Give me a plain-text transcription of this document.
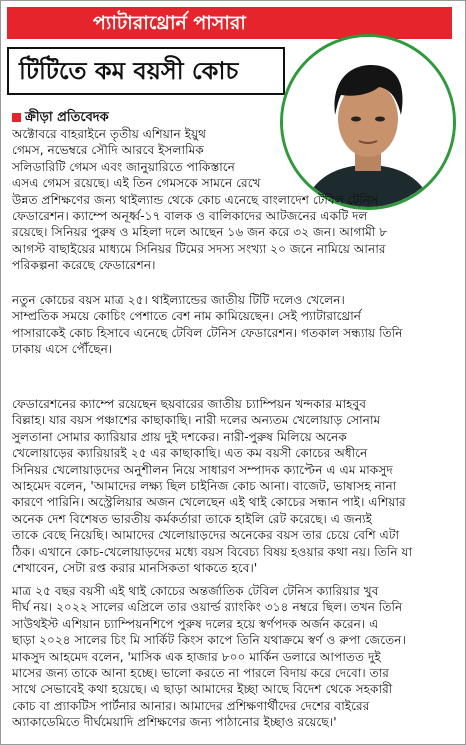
প্যাটারাথ্রোর্ন পাসারা
টিটিতে কম বয়সী কোচ
ক্রীড়া প্রতিবেদক
অক্টোবরে বাহরাইনে তৃতীয় এশিয়ান ইয়ুথ
গেমস, নভেম্বরে সৌদি আরবে ইসলামিক
সলিডারিটি গেমস এবং জানুয়ারিতে পাকিস্তানে
এসএ গেমস রয়েছে। এই তিন গেমসকে সামনে রেখে
উন্নত প্রশিক্ষণের জন্য থাইল্যান্ড থেকে কোচ এনেছে বাংলাদেশ টেবিল টেনিস
ফেডারেশন। ক্যাম্পে অনূর্ধ্ব-১৭ বালক ও বালিকাদের আটজনের একটি দল
রয়েছে। সিনিয়র পুরুষ ও মহিলা দলে আছেন ১৬ জন করে ৩২ জন। আগামী ৮
আগস্ট বাছাইয়ের মাধ্যমে সিনিয়র টিমের সদস্য সংখ্যা ২০ জনে নামিয়ে আনার
পরিকল্পনা করেছে ফেডারেশন।
নতুন কোচের বয়স মাত্র ২৫। থাইল্যান্ডের জাতীয় টিটি দলেও খেলেন।
সাম্প্রতিক সময়ে কোচিং পেশাতে বেশ নাম কামিয়েছেন। সেই প্যাটারাথ্রোর্ন
পাসারাকেই কোচ হিসাবে এনেছে টেবিল টেনিস ফেডারেশন। গতকাল সন্ধ্যায় তিনি
ঢাকায় এসে পৌঁছেন।
ফেডারেশনের ক্যাম্পে রয়েছেন ছয়বারের জাতীয় চ্যাম্পিয়ন খন্দকার মাহবুব
বিল্লাহ। যার বয়স পঞ্চাশের কাছাকাছি। নারী দলের অন্যতম খেলোয়াড় সোনাম
সুলতানা সোমার ক্যারিয়ার প্রায় দুই দশকের। নারী-পুরুষ মিলিয়ে অনেক
খেলোয়াড়ের ক্যারিয়ারই ২৫ এর কাছাকাছি। এত কম বয়সী কোচের অধীনে
সিনিয়র খেলোয়াড়দের অনুশীলন নিয়ে সাধারণ সম্পাদক ক্যাপ্টেন এ এম মাকসুদ
আহমেদ বলেন, 'আমাদের লক্ষ্য ছিল চাইনিজ কোচ আনা। বাজেট, ভাষাসহ নানা
কারণে পারিনি। অস্ট্রেলিয়ার অজন খেলেছেন এই থাই কোচের সন্ধান পাই। এশিয়ার
অনেক দেশ বিশেষত ভারতীয় কর্মকর্তারা তাকে হাইলি রেট করেছে। এ জন্যই
তাকে বেছে নিয়েছি। আমাদের খেলোয়াড়দের অনেকের বয়স তার চেয়ে বেশি এটা
ঠিক। এখানে কোচ-খেলোয়াড়দের মধ্যে বয়স বিবেচ্য বিষয় হওয়ার কথা নয়। তিনি যা
শেখাবেন, সেটা রপ্ত করার মানসিকতা থাকতে হবে।'
মাত্র ২৫ বছর বয়সী এই থাই কোচের অন্তর্জাতিক টেবিল টেনিস ক্যারিয়ার খুব
দীর্ঘ নয়। ২০২২ সালের এপ্রিলে তার ওয়ার্ল্ড র‍্যাংকিং ৩১৪ নম্বরে ছিল। তখন তিনি
সাউথইস্ট এশিয়ান চ্যাম্পিয়নশিপে পুরুষ দলের হয়ে স্বর্ণপদক অর্জন করেন। এ
ছাড়া ২০২৪ সালের চিং মি সার্কিট কিংস কাপে তিনি যথাক্রমে স্বর্ণ ও রুপা জেতেন।
মাকসুদ আহমেদ বলেন, 'মাসিক এক হাজার ৮০০ মার্কিন ডলারে আপাতত দুই
মাসের জন্য তাকে আনা হচ্ছে। ভালো করতে না পারলে বিদায় করে দেবো। তার
সাথে সেভাবেই কথা হয়েছে। এ ছাড়া আমাদের ইচ্ছা আছে বিদেশ থেকে সহকারী
কোচ বা প্র্যাকটিস পার্টনার আনার। আমাদের প্রশিক্ষণার্থীদের দেশের বাইরের
অ্যাকাডেমিতে দীর্ঘমেয়াদি প্রশিক্ষণের জন্য পাঠানোর ইচ্ছাও রয়েছে।'
